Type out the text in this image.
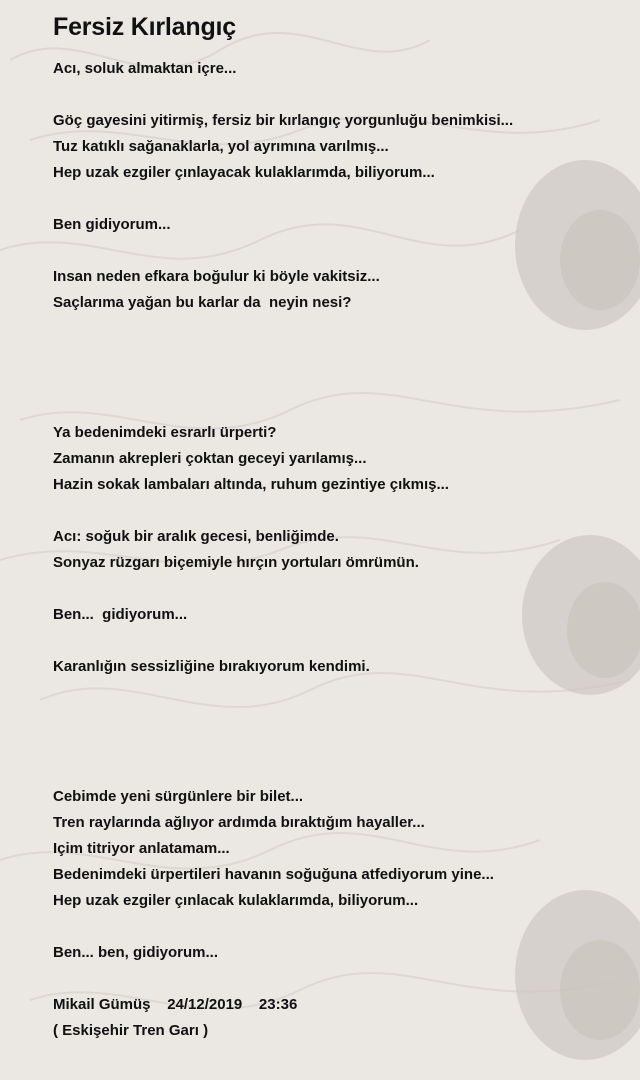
Fersiz Kırlangıç
Acı, soluk almaktan içre...
Göç gayesini yitirmiş, fersiz bir kırlangıç yorgunluğu benimkisi...
Tuz katıklı sağanaklarla, yol ayrımına varılmış...
Hep uzak ezgiler çınlayacak kulaklarımda, biliyorum...
Ben gidiyorum...
Insan neden efkara boğulur ki böyle vakitsiz...
Saçlarıma yağan bu karlar da  neyin nesi?
Ya bedenimdeki esrarlı ürperti?
Zamanın akrepleri çoktan geceyi yarılamış...
Hazin sokak lambaları altında, ruhum gezintiye çıkmış...
Acı: soğuk bir aralık gecesi, benliğimde.
Sonyaz rüzgarı biçemiyle hırçın yortuları ömrümün.
Ben...  gidiyorum...
Karanlığın sessizliğine bırakıyorum kendimi.
Cebimde yeni sürgünlere bir bilet...
Tren raylarında ağlıyor ardımda bıraktığım hayaller...
Içim titriyor anlatamam...
Bedenimdeki ürpertileri havanın soğuğuna atfediyorum yine...
Hep uzak ezgiler çınlacak kulaklarımda, biliyorum...
Ben... ben, gidiyorum...
Mikail Gümüş    24/12/2019    23:36
( Eskişehir Tren Garı )
